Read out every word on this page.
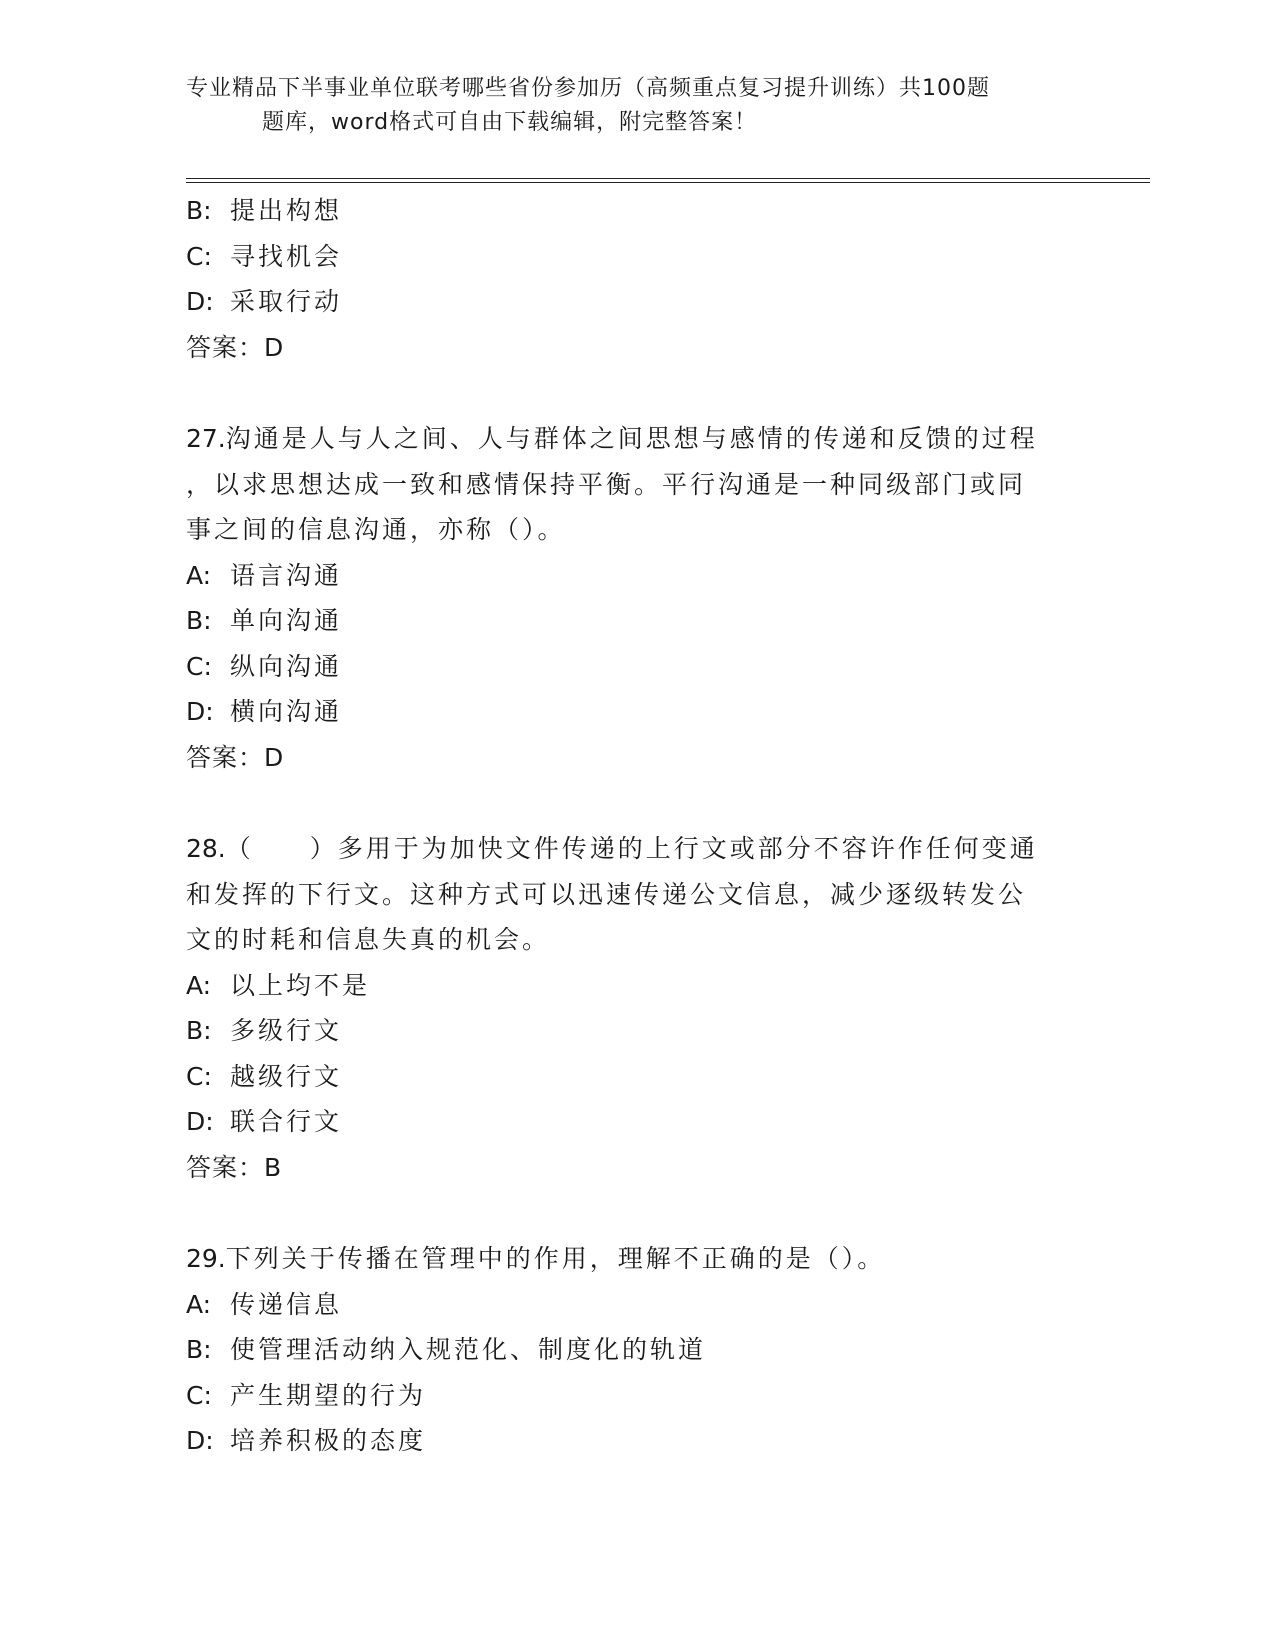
专业精品下半事业单位联考哪些省份参加历（高频重点复习提升训练）共100题
题库，word格式可自由下载编辑，附完整答案！
B: 提出构想
C: 寻找机会
D: 采取行动
答案：D
27.沟通是人与人之间、人与群体之间思想与感情的传递和反馈的过程
，以求思想达成一致和感情保持平衡。平行沟通是一种同级部门或同
事之间的信息沟通，亦称（）。
A: 语言沟通
B: 单向沟通
C: 纵向沟通
D: 横向沟通
答案：D
28.（　　）多用于为加快文件传递的上行文或部分不容许作任何变通
和发挥的下行文。这种方式可以迅速传递公文信息，减少逐级转发公
文的时耗和信息失真的机会。
A: 以上均不是
B: 多级行文
C: 越级行文
D: 联合行文
答案：B
29.下列关于传播在管理中的作用，理解不正确的是（）。
A: 传递信息
B: 使管理活动纳入规范化、制度化的轨道
C: 产生期望的行为
D: 培养积极的态度
